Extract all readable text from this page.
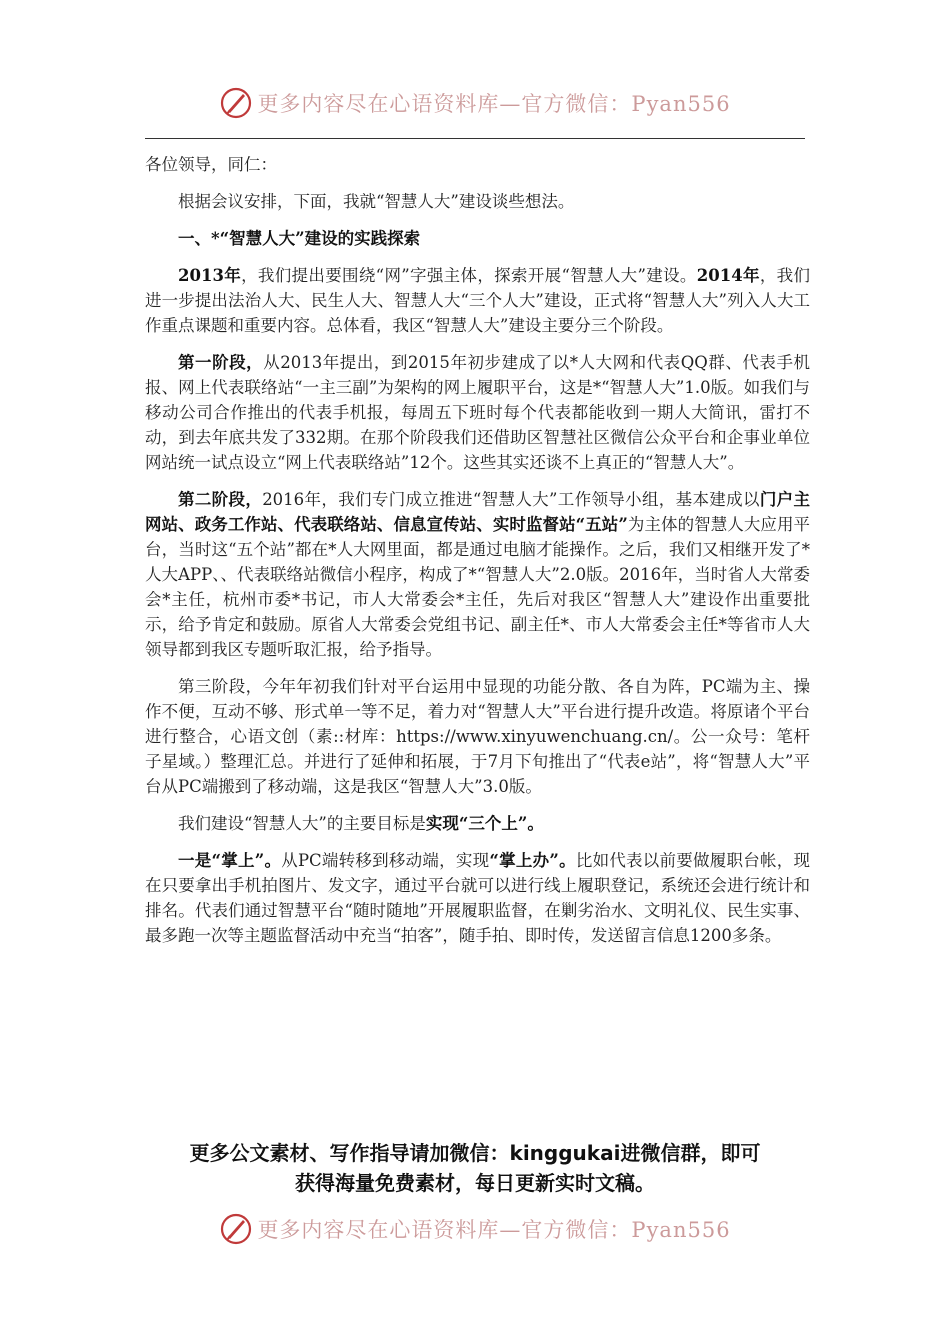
更多内容尽在心语资料库—官方微信：Pyan556

各位领导，同仁：

根据会议安排，下面，我就“智慧人大”建设谈些想法。

一、*“智慧人大”建设的实践探索

2013年，我们提出要围绕“网”字强主体，探索开展“智慧人大”建设。2014年，我们进一步提出法治人大、民生人大、智慧人大“三个人大”建设，正式将“智慧人大”列入人大工作重点课题和重要内容。总体看，我区“智慧人大”建设主要分三个阶段。

第一阶段，从2013年提出，到2015年初步建成了以*人大网和代表QQ群、代表手机报、网上代表联络站“一主三副”为架构的网上履职平台，这是*“智慧人大”1.0版。如我们与移动公司合作推出的代表手机报，每周五下班时每个代表都能收到一期人大简讯，雷打不动，到去年底共发了332期。在那个阶段我们还借助区智慧社区微信公众平台和企事业单位网站统一试点设立“网上代表联络站”12个。这些其实还谈不上真正的“智慧人大”。

第二阶段，2016年，我们专门成立推进“智慧人大”工作领导小组，基本建成以门户主网站、政务工作站、代表联络站、信息宣传站、实时监督站“五站”为主体的智慧人大应用平台，当时这“五个站”都在*人大网里面，都是通过电脑才能操作。之后，我们又相继开发了*人大APP、、代表联络站微信小程序，构成了*“智慧人大”2.0版。2016年，当时省人大常委会*主任，杭州市委*书记，市人大常委会*主任，先后对我区“智慧人大”建设作出重要批示，给予肯定和鼓励。原省人大常委会党组书记、副主任*、市人大常委会主任*等省市人大领导都到我区专题听取汇报，给予指导。

第三阶段，今年年初我们针对平台运用中显现的功能分散、各自为阵，PC端为主、操作不便，互动不够、形式单一等不足，着力对“智慧人大”平台进行提升改造。将原诸个平台进行整合，心语文创（素::材库：https://www.xinyuwenchuang.cn/。公一众号：笔杆子星域。）整理汇总。并进行了延伸和拓展，于7月下旬推出了“代表e站”，将“智慧人大”平台从PC端搬到了移动端，这是我区“智慧人大”3.0版。

我们建设“智慧人大”的主要目标是实现“三个上”。

一是“掌上”。从PC端转移到移动端，实现“掌上办”。比如代表以前要做履职台帐，现在只要拿出手机拍图片、发文字，通过平台就可以进行线上履职登记，系统还会进行统计和排名。代表们通过智慧平台“随时随地”开展履职监督，在剿劣治水、文明礼仪、民生实事、最多跑一次等主题监督活动中充当“拍客”，随手拍、即时传，发送留言信息1200多条。

更多公文素材、写作指导请加微信：kinggukai进微信群，即可
获得海量免费素材，每日更新实时文稿。
更多内容尽在心语资料库—官方微信：Pyan556
